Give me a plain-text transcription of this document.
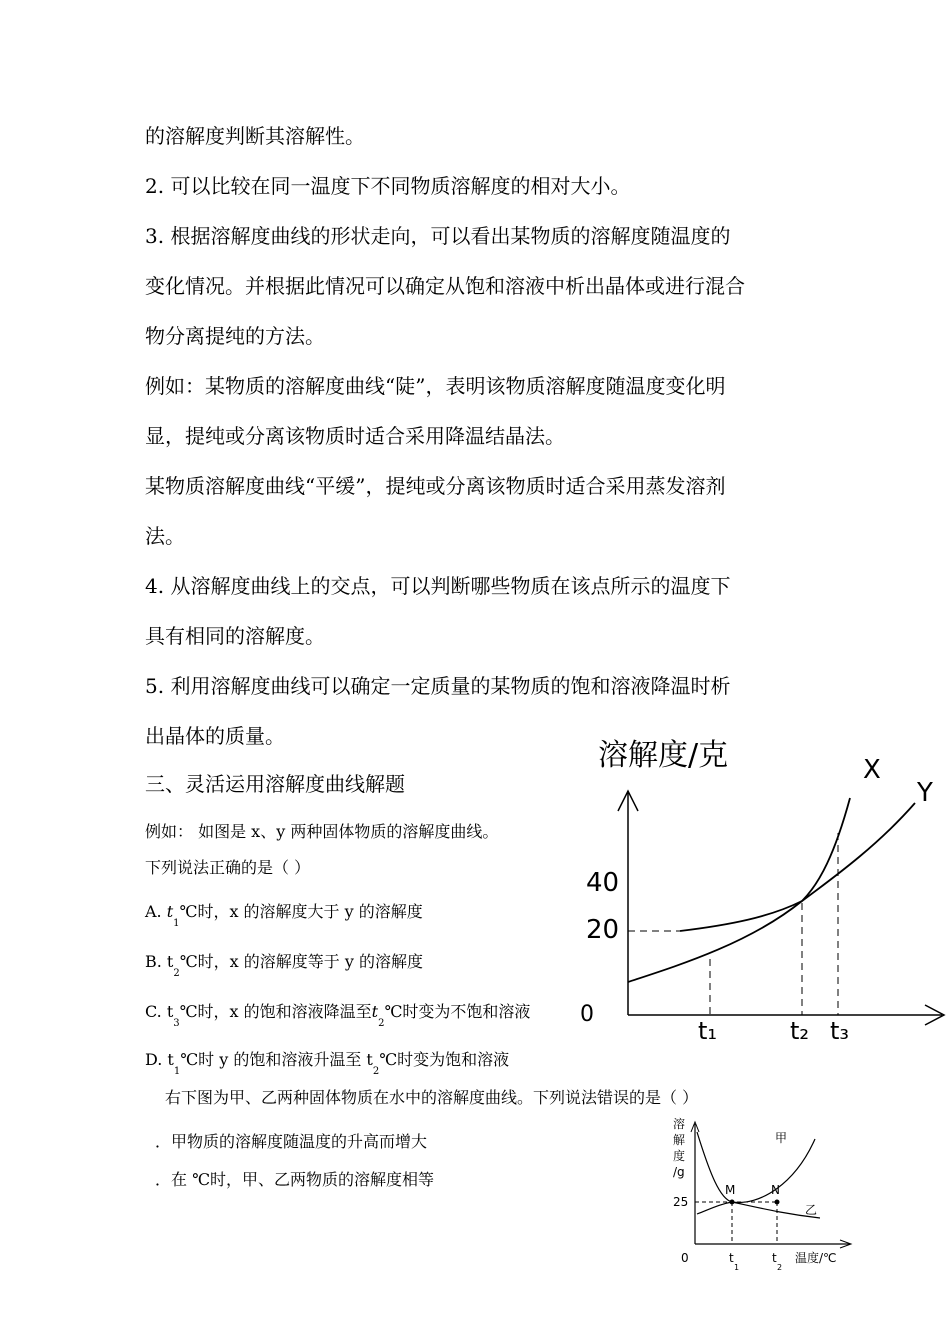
的溶解度判断其溶解性。
2. 可以比较在同一温度下不同物质溶解度的相对大小。
3. 根据溶解度曲线的形状走向，可以看出某物质的溶解度随温度的
变化情况。并根据此情况可以确定从饱和溶液中析出晶体或进行混合
物分离提纯的方法。
例如：某物质的溶解度曲线“陡”，表明该物质溶解度随温度变化明
显，提纯或分离该物质时适合采用降温结晶法。
某物质溶解度曲线“平缓”，提纯或分离该物质时适合采用蒸发溶剂
法。
4. 从溶解度曲线上的交点，可以判断哪些物质在该点所示的温度下
具有相同的溶解度。
5. 利用溶解度曲线可以确定一定质量的某物质的饱和溶液降温时析
出晶体的质量。
三、灵活运用溶解度曲线解题
例如： 如图是 x、y 两种固体物质的溶解度曲线。
下列说法正确的是（ ）
A. $t_1℃$时，x 的溶解度大于 y 的溶解度
B. $t_2℃$时，x 的溶解度等于 y 的溶解度
C. $t_3℃$时，x 的饱和溶液降温至$t_2℃$时变为不饱和溶液
D. $t_1℃$时 y 的饱和溶液升温至 $t_2℃$时变为饱和溶液
右下图为甲、乙两种固体物质在水中的溶解度曲线。下列说法错误的是（ ）
．甲物质的溶解度随温度的升高而增大
．在 ℃时，甲、乙两物质的溶解度相等
溶解度/克
40
20
0
t₁	t₂ t₃
X
Y
溶
解
度
/g
0
25
t
1
t
2
温度/℃
M	N
甲
乙
